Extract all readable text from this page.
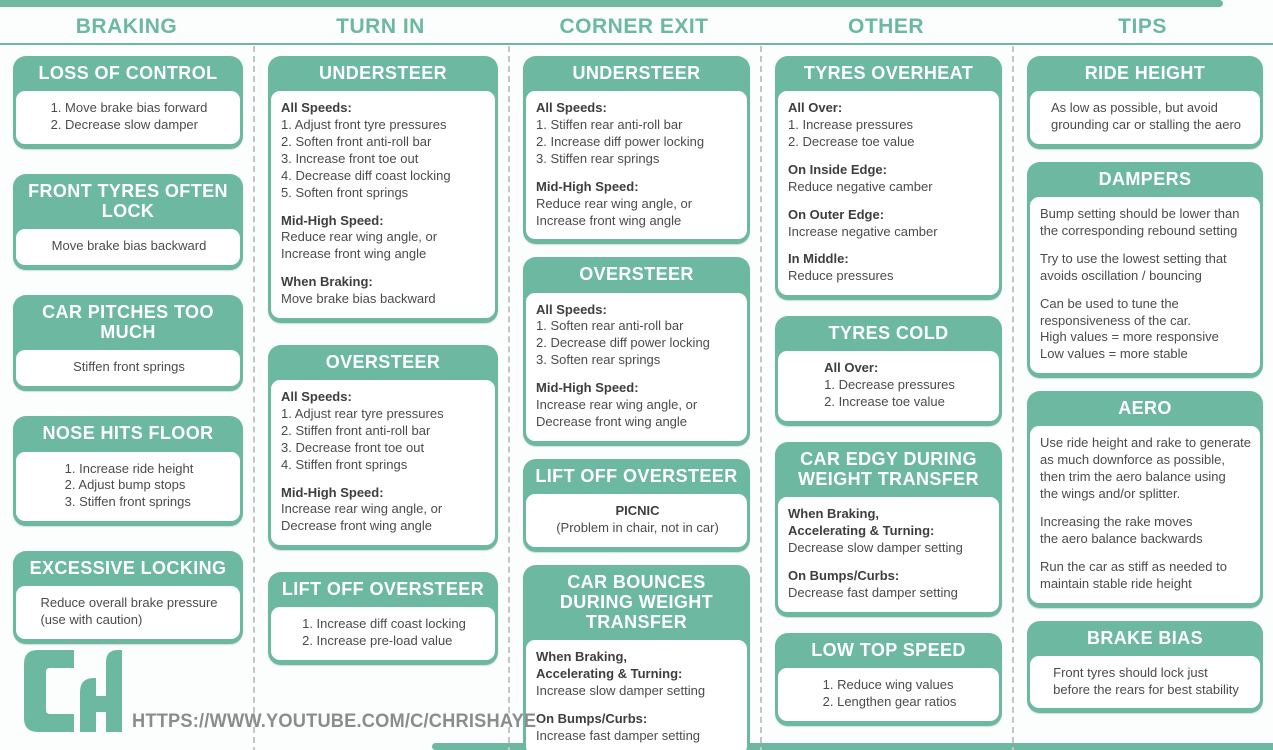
BRAKING	TURN IN	CORNER EXIT	OTHER	TIPS
LOSS OF CONTROL
1. Move brake bias forward
2. Decrease slow damper
FRONT TYRES OFTEN LOCK
Move brake bias backward
CAR PITCHES TOO MUCH
Stiffen front springs
NOSE HITS FLOOR
1. Increase ride height
2. Adjust bump stops
3. Stiffen front springs
EXCESSIVE LOCKING
Reduce overall brake pressure
(use with caution)
UNDERSTEER
All Speeds:
1. Adjust front tyre pressures
2. Soften front anti-roll bar
3. Increase front toe out
4. Decrease diff coast locking
5. Soften front springs
Mid-High Speed:
Reduce rear wing angle, or
Increase front wing angle
When Braking:
Move brake bias backward
OVERSTEER
All Speeds:
1. Adjust rear tyre pressures
2. Stiffen front anti-roll bar
3. Decrease front toe out
4. Stiffen front springs
Mid-High Speed:
Increase rear wing angle, or
Decrease front wing angle
LIFT OFF OVERSTEER
1. Increase diff coast locking
2. Increase pre-load value
UNDERSTEER
All Speeds:
1. Stiffen rear anti-roll bar
2. Increase diff power locking
3. Stiffen rear springs
Mid-High Speed:
Reduce rear wing angle, or
Increase front wing angle
OVERSTEER
All Speeds:
1. Soften rear anti-roll bar
2. Decrease diff power locking
3. Soften rear springs
Mid-High Speed:
Increase rear wing angle, or
Decrease front wing angle
LIFT OFF OVERSTEER
PICNIC
(Problem in chair, not in car)
CAR BOUNCES DURING WEIGHT TRANSFER
When Braking,
Accelerating & Turning:
Increase slow damper setting
On Bumps/Curbs:
Increase fast damper setting
TYRES OVERHEAT
All Over:
1. Increase pressures
2. Decrease toe value
On Inside Edge:
Reduce negative camber
On Outer Edge:
Increase negative camber
In Middle:
Reduce pressures
TYRES COLD
All Over:
1. Decrease pressures
2. Increase toe value
CAR EDGY DURING WEIGHT TRANSFER
When Braking,
Accelerating & Turning:
Decrease slow damper setting
On Bumps/Curbs:
Decrease fast damper setting
LOW TOP SPEED
1. Reduce wing values
2. Lengthen gear ratios
RIDE HEIGHT
As low as possible, but avoid
grounding car or stalling the aero
DAMPERS
Bump setting should be lower than
the corresponding rebound setting
Try to use the lowest setting that
avoids oscillation / bouncing
Can be used to tune the
responsiveness of the car.
High values = more responsive
Low values = more stable
AERO
Use ride height and rake to generate
as much downforce as possible,
then trim the aero balance using
the wings and/or splitter.
Increasing the rake moves
the aero balance backwards
Run the car as stiff as needed to
maintain stable ride height
BRAKE BIAS
Front tyres should lock just
before the rears for best stability
HTTPS://WWW.YOUTUBE.COM/C/CHRISHAYE
